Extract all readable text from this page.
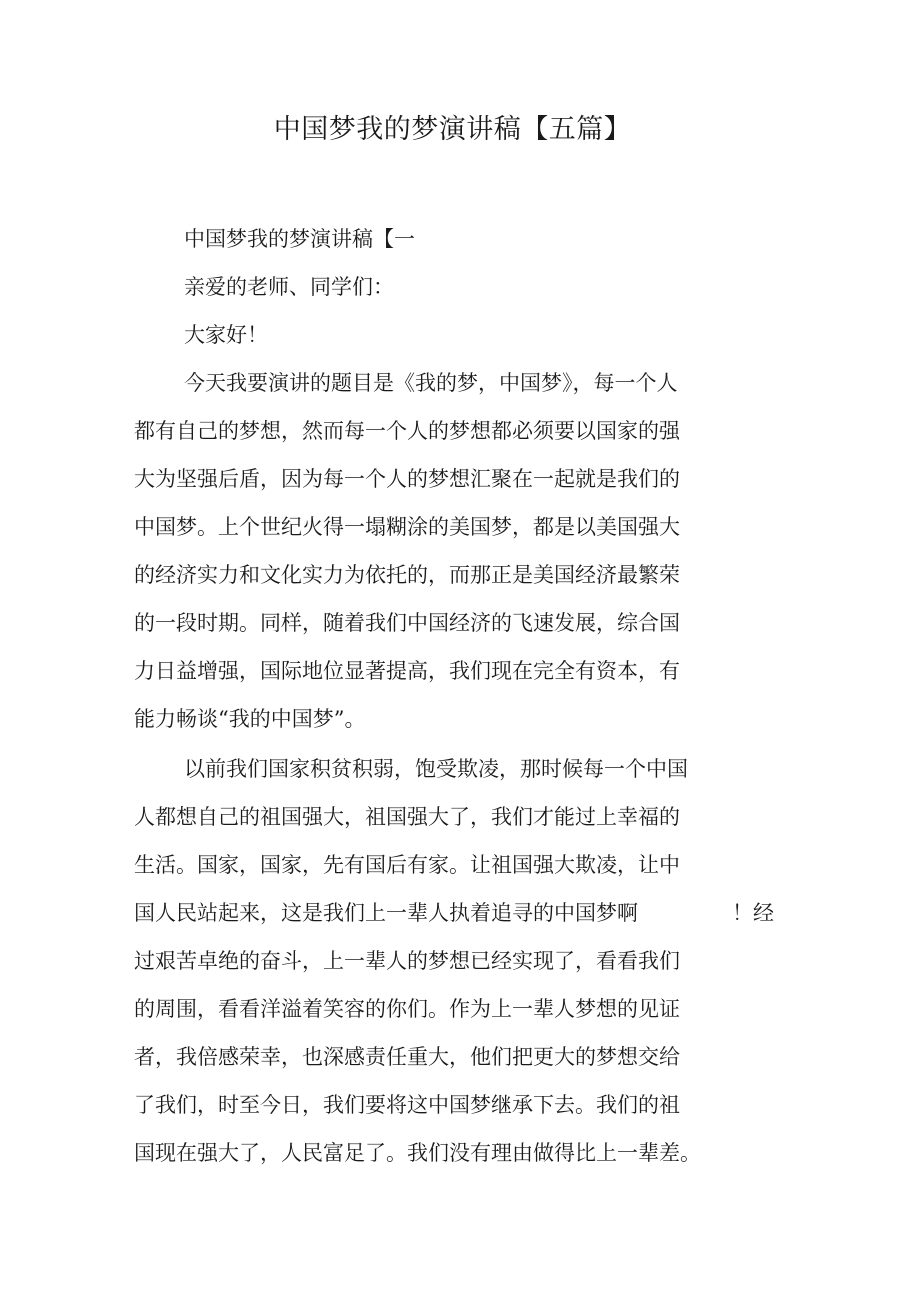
中国梦我的梦演讲稿【五篇】
中国梦我的梦演讲稿【一
亲爱的老师、同学们：
大家好！
今天我要演讲的题目是《我的梦，中国梦》，每一个人
都有自己的梦想，然而每一个人的梦想都必须要以国家的强
大为坚强后盾，因为每一个人的梦想汇聚在一起就是我们的
中国梦。上个世纪火得一塌糊涂的美国梦，都是以美国强大
的经济实力和文化实力为依托的，而那正是美国经济最繁荣
的一段时期。同样，随着我们中国经济的飞速发展，综合国
力日益增强，国际地位显著提高，我们现在完全有资本，有
能力畅谈“我的中国梦”。
以前我们国家积贫积弱，饱受欺凌，那时候每一个中国
人都想自己的祖国强大，祖国强大了，我们才能过上幸福的
生活。国家，国家，先有国后有家。让祖国强大欺凌，让中
国人民站起来，这是我们上一辈人执着追寻的中国梦啊	！经
过艰苦卓绝的奋斗，上一辈人的梦想已经实现了，看看我们
的周围，看看洋溢着笑容的你们。作为上一辈人梦想的见证
者，我倍感荣幸，也深感责任重大，他们把更大的梦想交给
了我们，时至今日，我们要将这中国梦继承下去。我们的祖
国现在强大了，人民富足了。我们没有理由做得比上一辈差。
